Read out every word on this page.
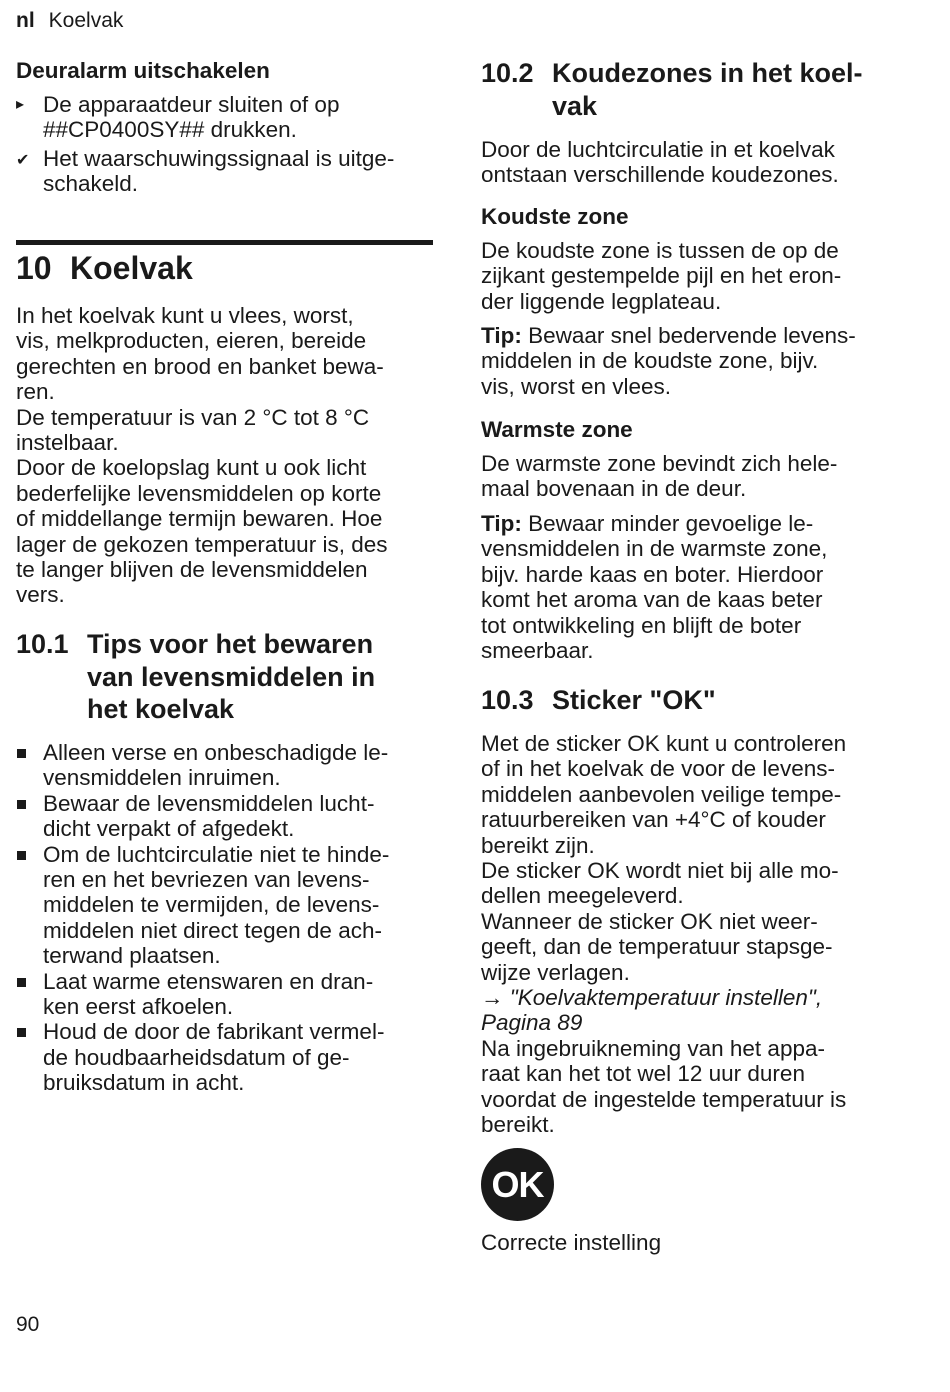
nl Koelvak

Deuralarm uitschakelen

▸ De apparaatdeur sluiten of op
##CP0400SY## drukken.
✔ Het waarschuwingssignaal is uitge-
schakeld.
10 Koelvak
In het koelvak kunt u vlees, worst,
vis, melkproducten, eieren, bereide
gerechten en brood en banket bewa-
ren.
De temperatuur is van 2 °C tot 8 °C
instelbaar.
Door de koelopslag kunt u ook licht
bederfelijke levensmiddelen op korte
of middellange termijn bewaren. Hoe
lager de gekozen temperatuur is, des
te langer blijven de levensmiddelen
vers.
10.1 Tips voor het bewaren
van levensmiddelen in
het koelvak
Alleen verse en onbeschadigde le-
vensmiddelen inruimen.
Bewaar de levensmiddelen lucht-
dicht verpakt of afgedekt.
Om de luchtcirculatie niet te hinde-
ren en het bevriezen van levens-
middelen te vermijden, de levens-
middelen niet direct tegen de ach-
terwand plaatsen.
Laat warme etenswaren en dran-
ken eerst afkoelen.
Houd de door de fabrikant vermel-
de houdbaarheidsdatum of ge-
bruiksdatum in acht.
10.2 Koudezones in het koel-
vak
Door de luchtcirculatie in et koelvak
ontstaan verschillende koudezones.

Koudste zone

De koudste zone is tussen de op de
zijkant gestempelde pijl en het eron-
der liggende legplateau.
Tip: Bewaar snel bedervende levens-
middelen in de koudste zone, bijv.
vis, worst en vlees.

Warmste zone

De warmste zone bevindt zich hele-
maal bovenaan in de deur.
Tip: Bewaar minder gevoelige le-
vensmiddelen in de warmste zone,
bijv. harde kaas en boter. Hierdoor
komt het aroma van de kaas beter
tot ontwikkeling en blijft de boter
smeerbaar.
10.3 Sticker "OK"
Met de sticker OK kunt u controleren
of in het koelvak de voor de levens-
middelen aanbevolen veilige tempe-
ratuurbereiken van +4°C of kouder
bereikt zijn.
De sticker OK wordt niet bij alle mo-
dellen meegeleverd.
Wanneer de sticker OK niet weer-
geeft, dan de temperatuur stapsge-
wijze verlagen.
→ "Koelvaktemperatuur instellen",
Pagina 89
Na ingebruikneming van het appa-
raat kan het tot wel 12 uur duren
voordat de ingestelde temperatuur is
bereikt.
OK
Correcte instelling
90
